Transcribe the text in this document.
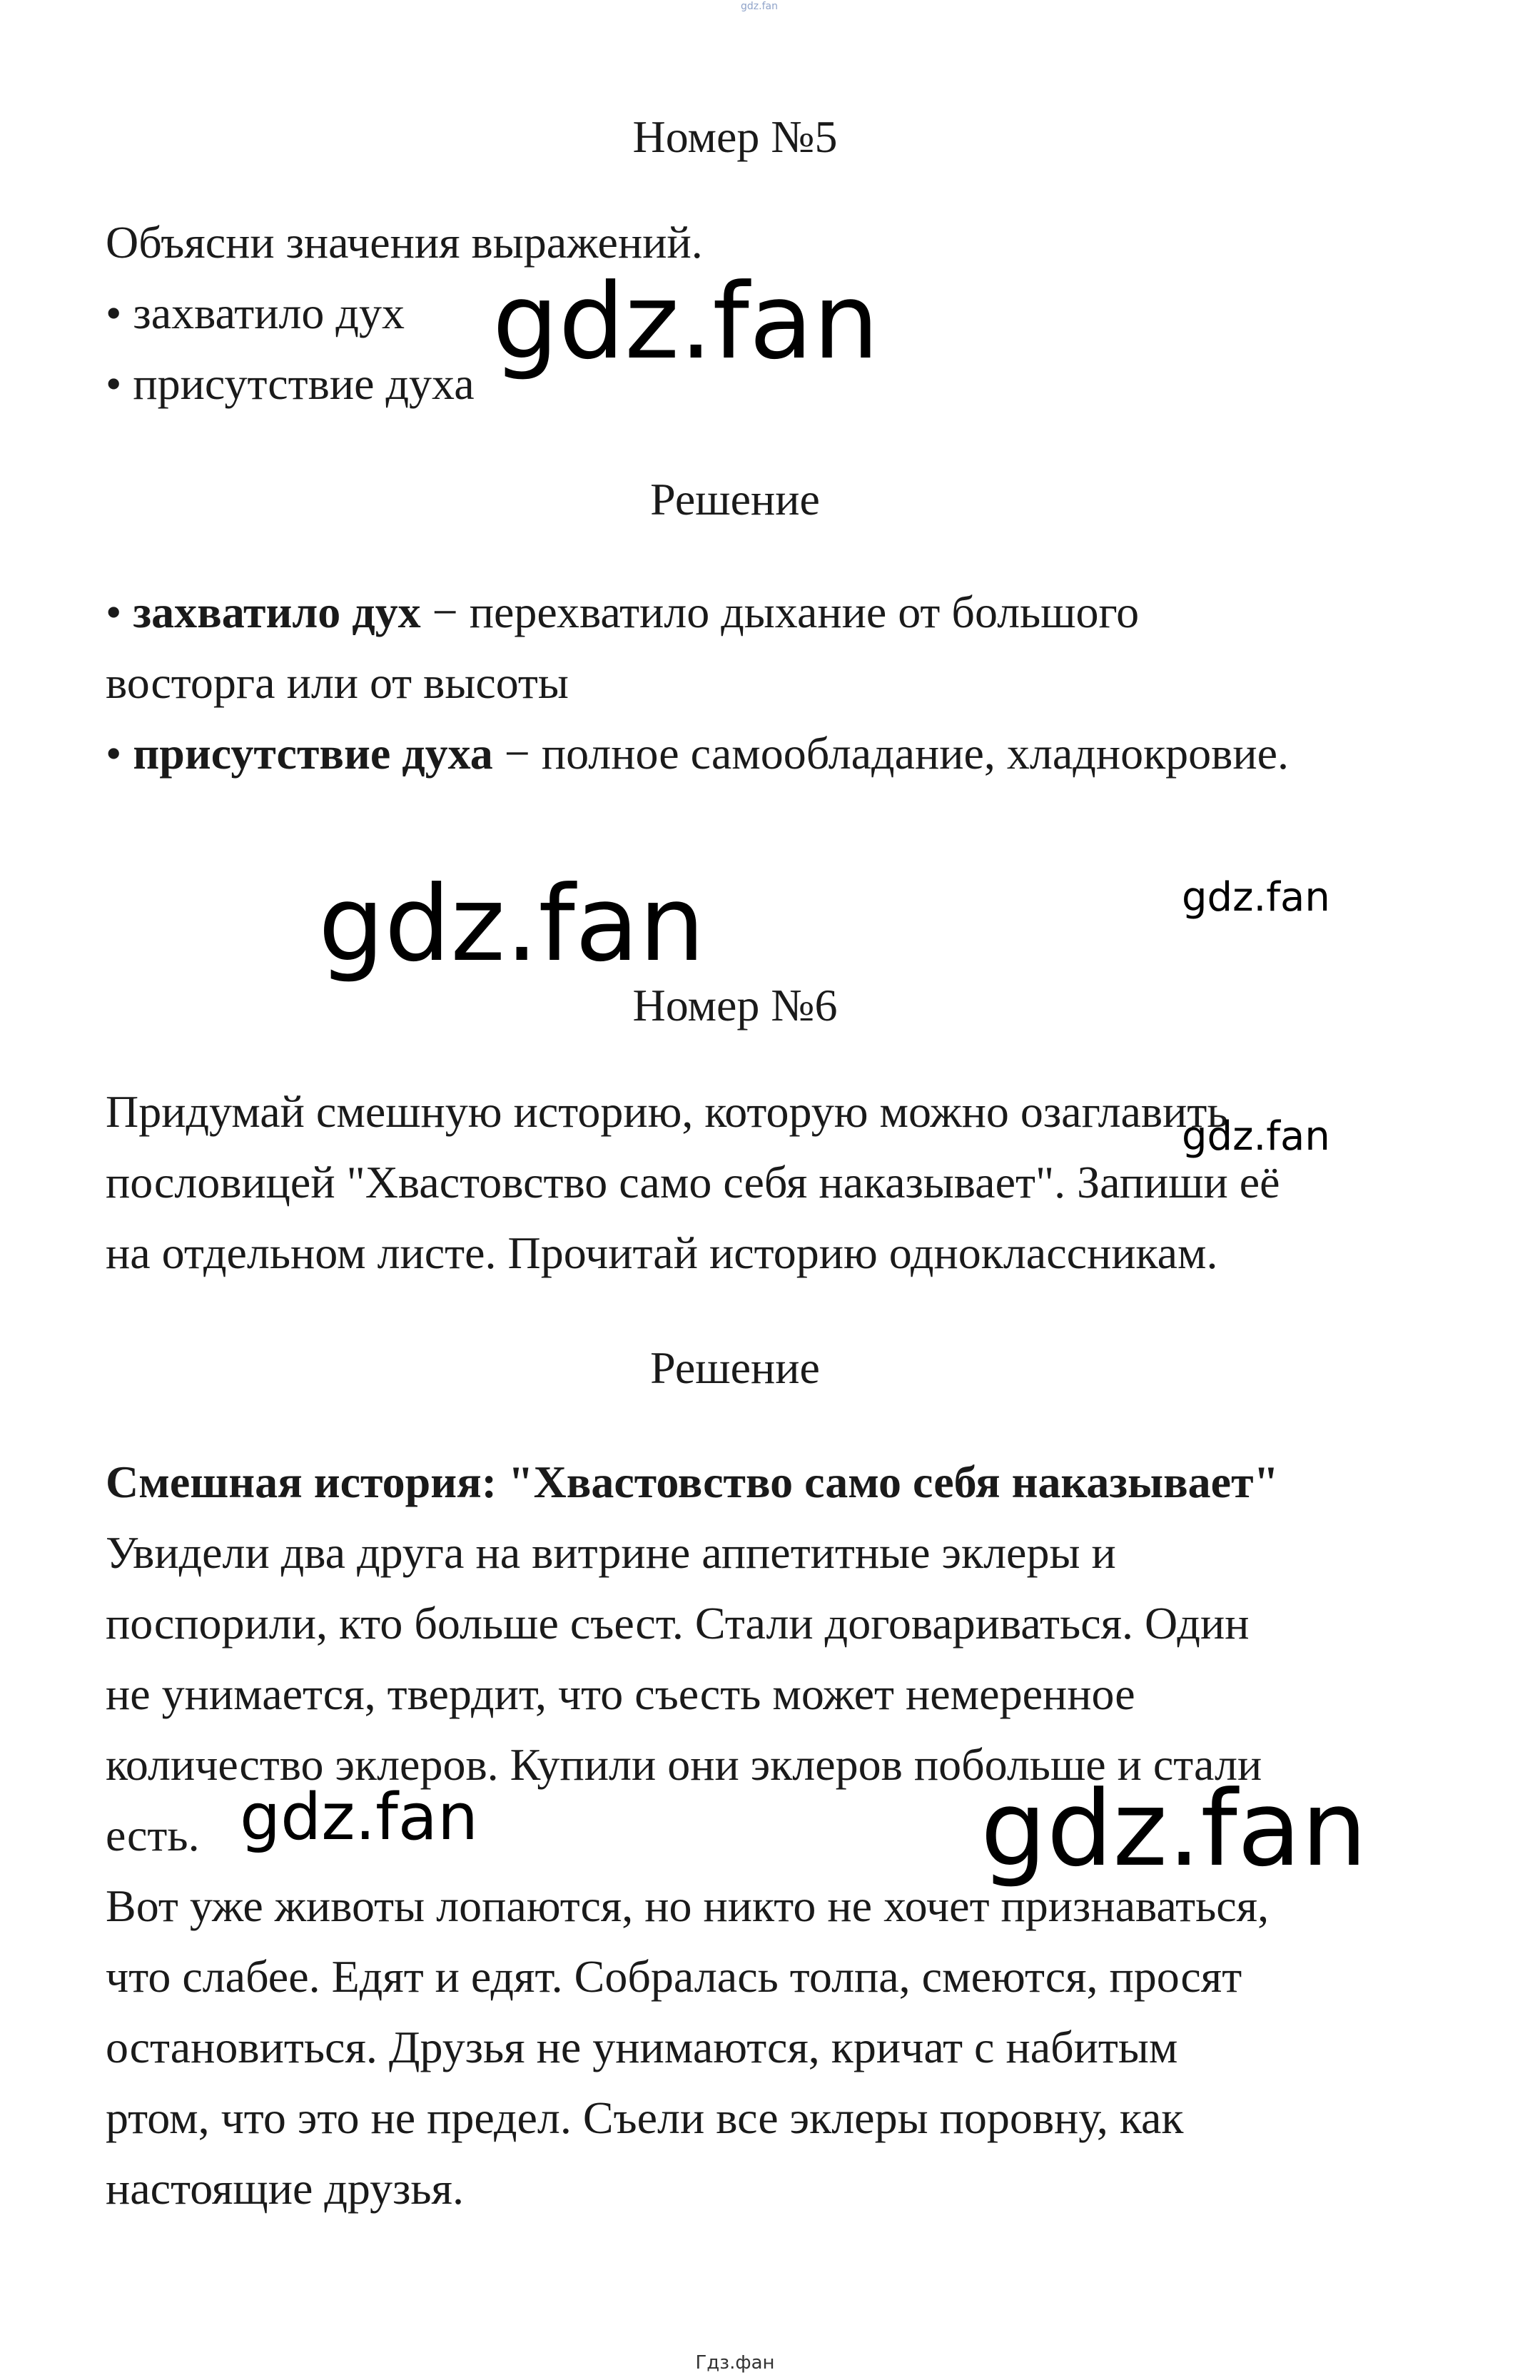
gdz.fan
Номер №5
Объясни значения выражений.
• захватило дух
• присутствие духа
Решение
• захватило дух − перехватило дыхание от большого
восторга или от высоты
• присутствие духа − полное самообладание, хладнокровие.
Номер №6
Придумай смешную историю, которую можно озаглавить
пословицей "Хвастовство само себя наказывает". Запиши её
на отдельном листе. Прочитай историю одноклассникам.
Решение
Смешная история: "Хвастовство само себя наказывает"
Увидели два друга на витрине аппетитные эклеры и
поспорили, кто больше съест. Стали договариваться. Один
не унимается, твердит, что съесть может немеренное
количество эклеров. Купили они эклеров побольше и стали
есть.
Вот уже животы лопаются, но никто не хочет признаваться,
что слабее. Едят и едят. Собралась толпа, смеются, просят
остановиться. Друзья не унимаются, кричат с набитым
ртом, что это не предел. Съели все эклеры поровну, как
настоящие друзья.
gdz.fan
gdz.fan	gdz.fan
gdz.fan
gdz.fan	gdz.fan
Гдз.фан
